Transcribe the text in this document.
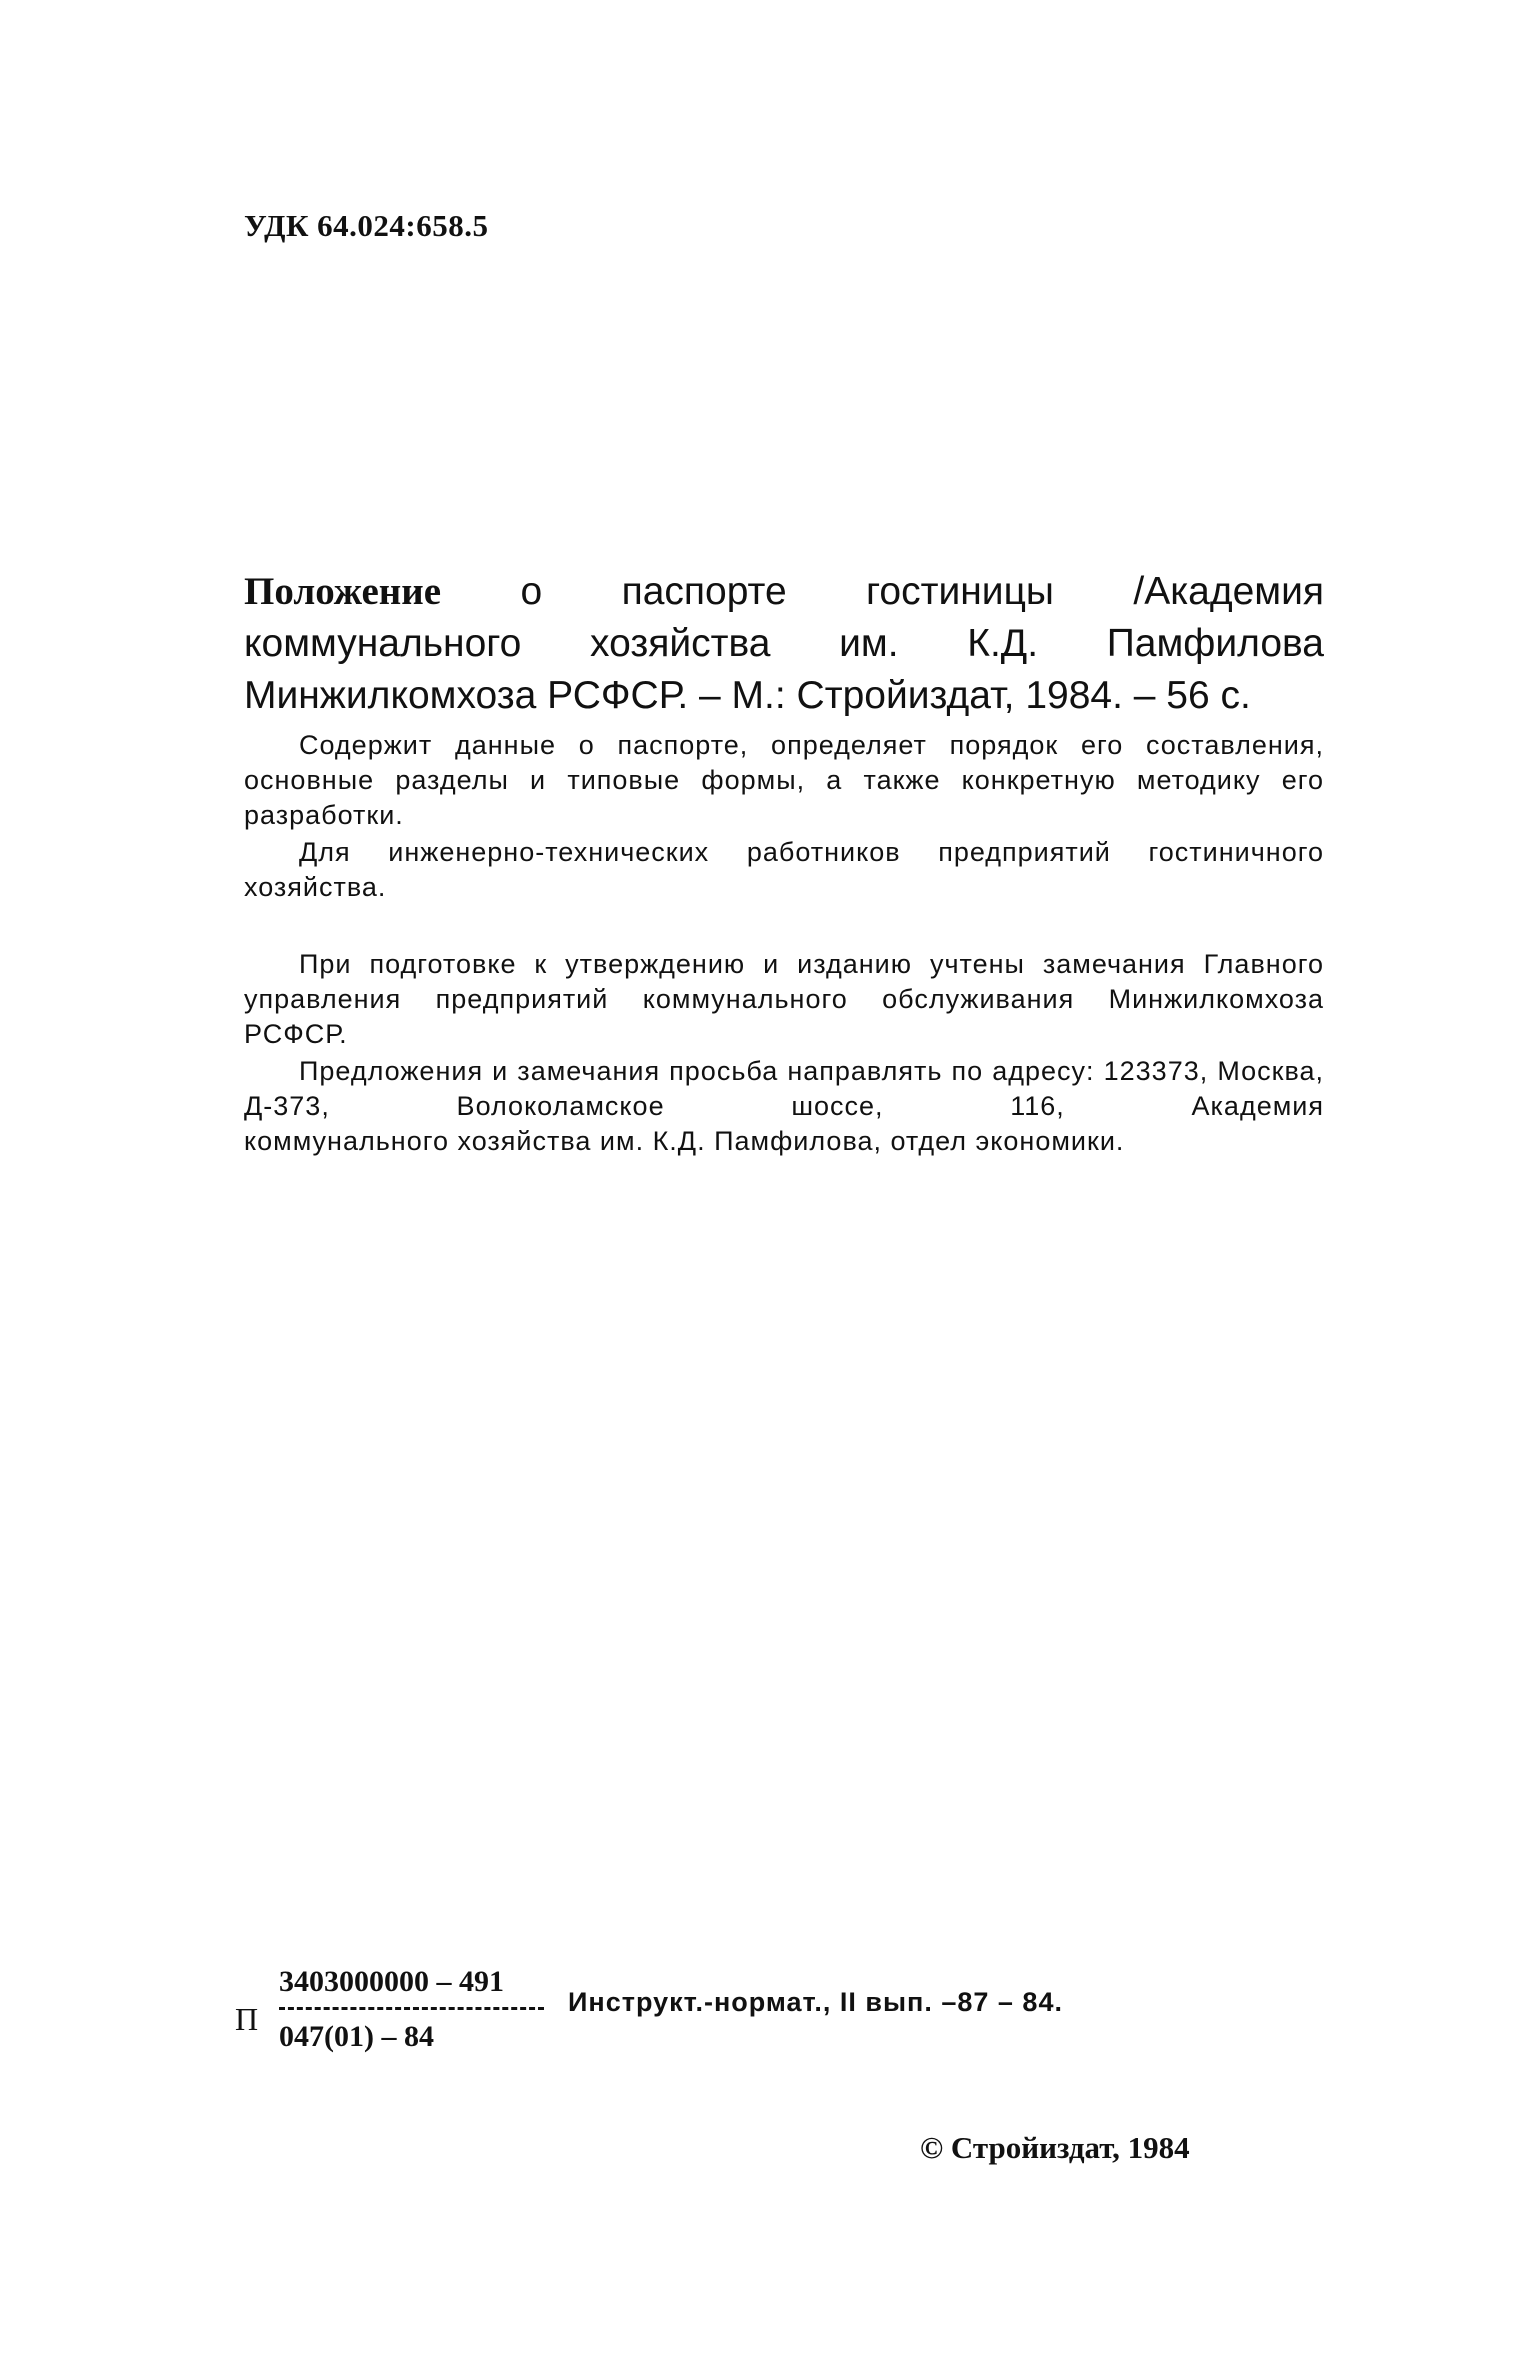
УДК 64.024:658.5

Положение о паспорте гостиницы /Академия коммунального хозяйства им. К.Д. Памфилова Минжилкомхоза РСФСР. – М.: Стройиздат, 1984. – 56 с.

Содержит данные о паспорте, определяет порядок его составления, основные разделы и типовые формы, а также конкретную методику его разработки.

Для инженерно-технических работников предприятий гостиничного хозяйства.

При подготовке к утверждению и изданию учтены замечания Главного управления предприятий коммунального обслуживания Минжилкомхоза РСФСР.

Предложения и замечания просьба направлять по адресу: 123373, Москва, Д-373, Волоколамское шоссе, 116, Академия

коммунального хозяйства им. К.Д. Памфилова, отдел экономики.

П
3403000000 – 491
047(01) – 84
Инструкт.-нормат., II вып. –87 – 84.
© Стройиздат, 1984
